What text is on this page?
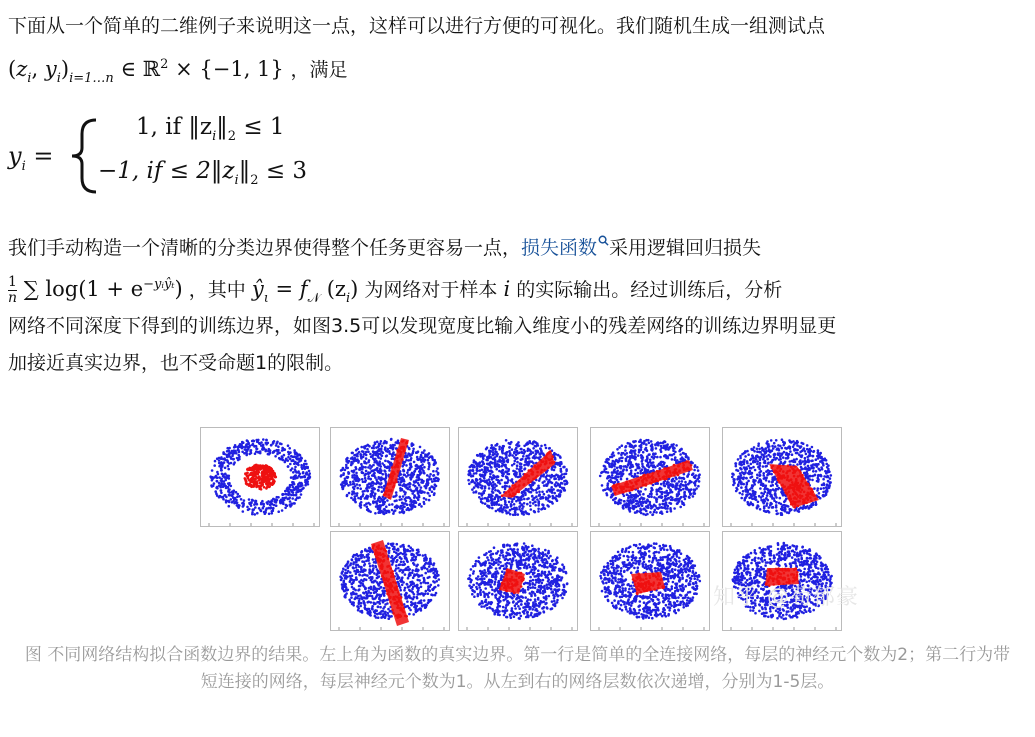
下面从一个简单的二维例子来说明这一点，这样可以进行方便的可视化。我们随机生成一组测试点
($z_i$, $y_i)_{i=1\dots n}$ ∈ ℝ$^2$ × {−1, 1} ，满足
$y_i$ =
1, if $‖z_i‖_2 \le 1$
−1, if ≤ $2‖z_i‖_2 \le 3$
我们手动构造一个清晰的分类边界使得整个任务更容易一点，损失函数 采用逻辑回归损失
$\frac{1}{n}$ ∑ $\log(1 + e^{-yᵢŷ_t})$ ，其中 $ŷ_\iota = f_𝒩$ $(z_i)$ 为网络对于样本 i 的实际输出。经过训练后，分析
网络不同深度下得到的训练边界，如图3.5可以发现宽度比输入维度小的残差网络的训练边界明显更
加接近真实边界，也不受命题1的限制。
知乎 @苟郁豪
图 不同网络结构拟合函数边界的结果。左上角为函数的真实边界。第一行是简单的全连接网络，每层的神经元个数为2；第二行为带短连接的网络，每层神经元个数为1。从左到右的网络层数依次递增，分别为1-5层。
